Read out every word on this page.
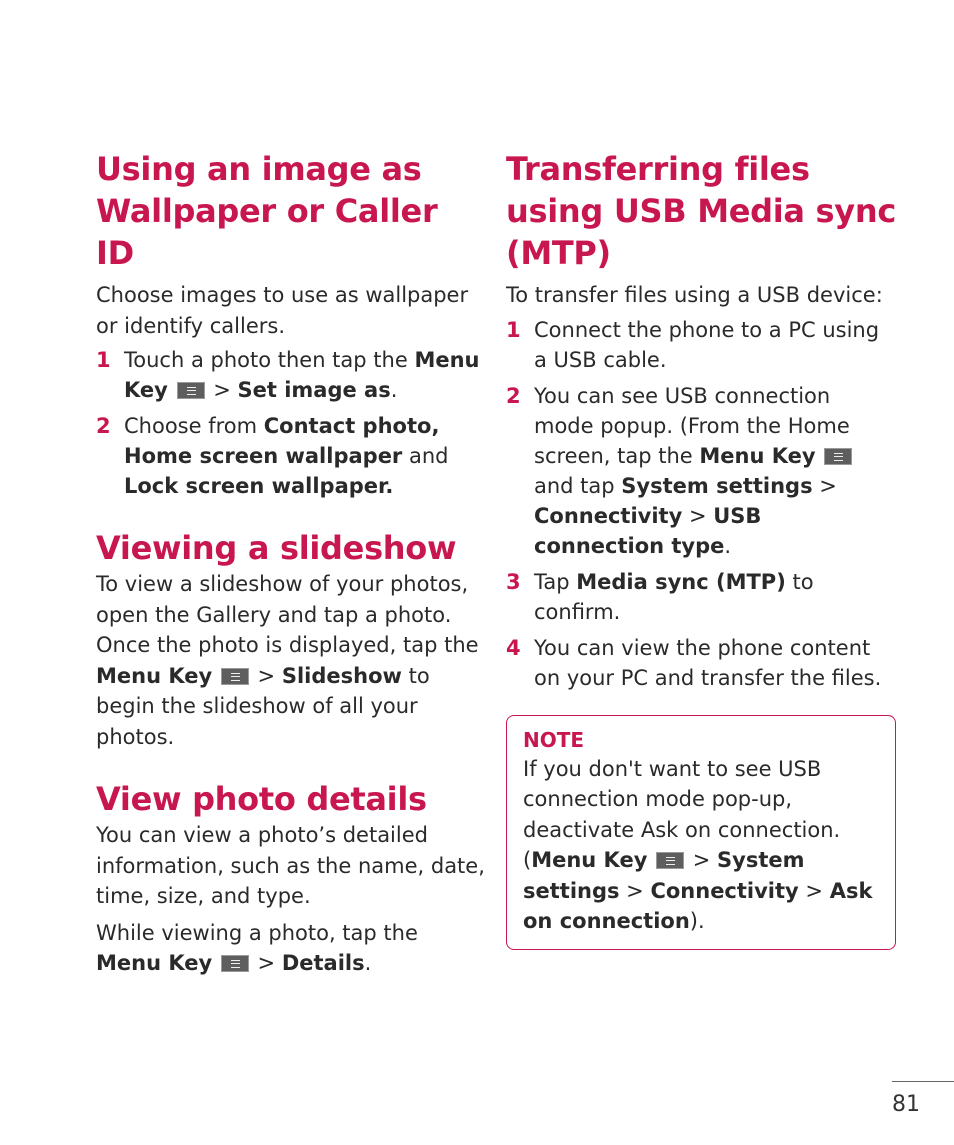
Using an image as Wallpaper or Caller ID

Choose images to use as wallpaper or identify callers.

1 Touch a photo then tap the Menu Key  > Set image as.
2 Choose from Contact photo, Home screen wallpaper and Lock screen wallpaper.
Viewing a slideshow

To view a slideshow of your photos, open the Gallery and tap a photo. Once the photo is displayed, tap the Menu Key  > Slideshow to begin the slideshow of all your photos.

View photo details

You can view a photo’s detailed information, such as the name, date, time, size, and type.

While viewing a photo, tap the Menu Key  > Details.

Transferring files using USB Media sync (MTP)

To transfer files using a USB device:

1 Connect the phone to a PC using a USB cable.
2 You can see USB connection mode popup. (From the Home screen, tap the Menu Key  and tap System settings > Connectivity > USB connection type.
3 Tap Media sync (MTP) to confirm.
4 You can view the phone content on your PC and transfer the files.
NOTE

If you don't want to see USB connection mode pop-up, deactivate Ask on connection. (Menu Key  > System settings > Connectivity > Ask on connection).

81
